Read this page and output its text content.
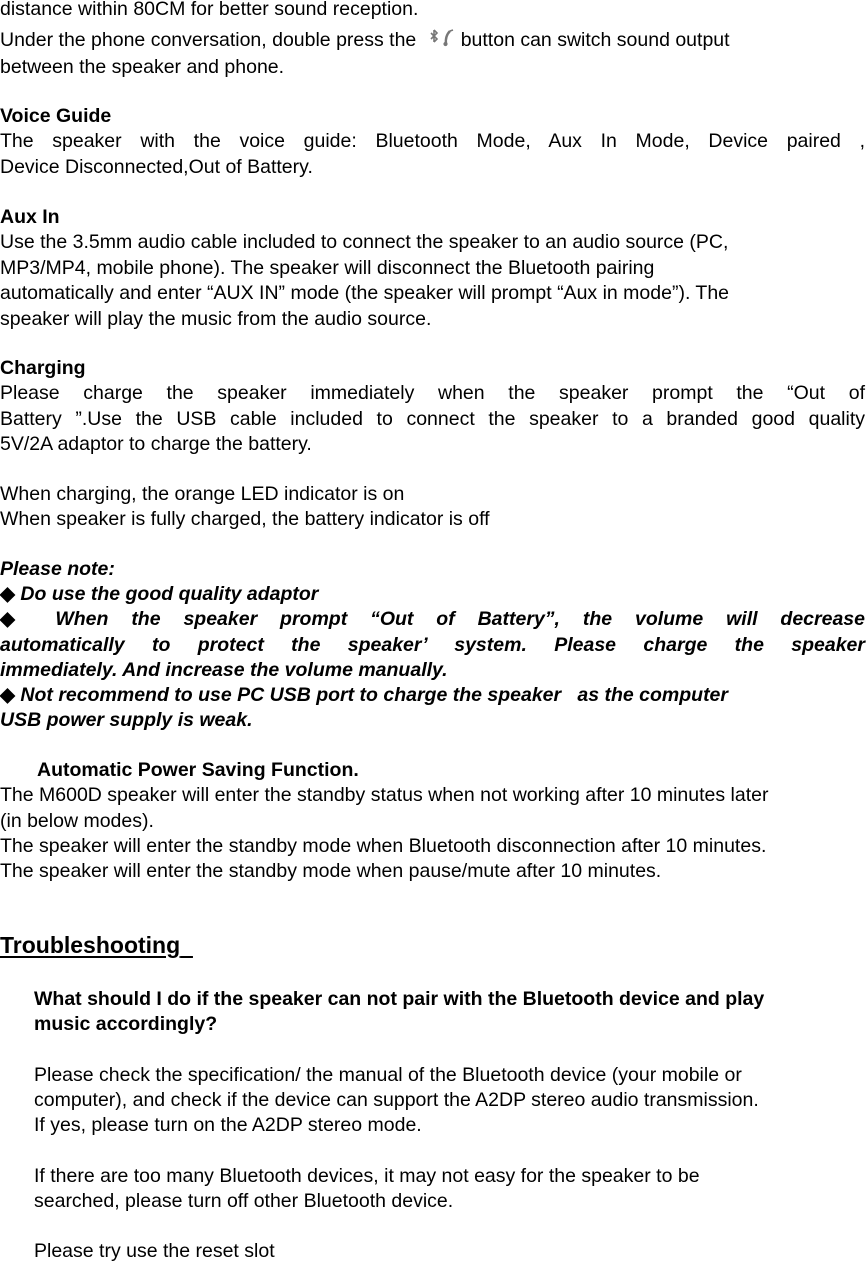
distance within 80CM for better sound reception.
Under the phone conversation, double press the button can switch sound output
between the speaker and phone.
Voice Guide
The speaker with the voice guide: Bluetooth Mode, Aux In Mode, Device paired ,
Device Disconnected,Out of Battery.
Aux In
Use the 3.5mm audio cable included to connect the speaker to an audio source (PC,
MP3/MP4, mobile phone). The speaker will disconnect the Bluetooth pairing
automatically and enter “AUX IN” mode (the speaker will prompt “Aux in mode”). The
speaker will play the music from the audio source.
Charging
Please charge the speaker immediately when the speaker prompt the “Out of
Battery ”.Use the USB cable included to connect the speaker to a branded good quality
5V/2A adaptor to charge the battery.
When charging, the orange LED indicator is on
When speaker is fully charged, the battery indicator is off
Please note:
◆ Do use the good quality adaptor
◆ When the speaker prompt “Out of Battery”, the volume will decrease
automatically to protect the speaker’ system. Please charge the speaker
immediately. And increase the volume manually.
◆ Not recommend to use PC USB port to charge the speaker   as the computer
USB power supply is weak.
Automatic Power Saving Function.
The M600D speaker will enter the standby status when not working after 10 minutes later
(in below modes).
The speaker will enter the standby mode when Bluetooth disconnection after 10 minutes.
The speaker will enter the standby mode when pause/mute after 10 minutes.
Troubleshooting
What should I do if the speaker can not pair with the Bluetooth device and play
music accordingly?
Please check the specification/ the manual of the Bluetooth device (your mobile or
computer), and check if the device can support the A2DP stereo audio transmission.
If yes, please turn on the A2DP stereo mode.
If there are too many Bluetooth devices, it may not easy for the speaker to be
searched, please turn off other Bluetooth device.
Please try use the reset slot
